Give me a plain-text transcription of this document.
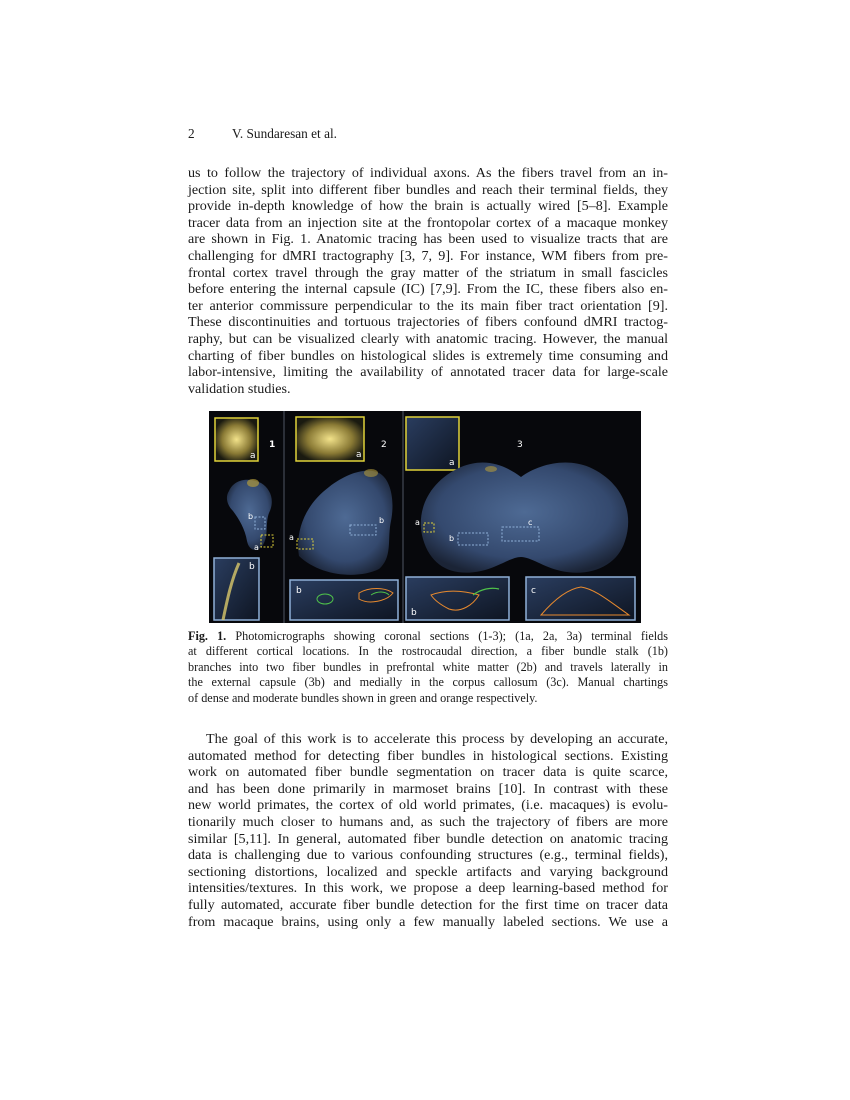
2	V. Sundaresan et al.
us to follow the trajectory of individual axons. As the fibers travel from an in-
jection site, split into different fiber bundles and reach their terminal fields, they
provide in-depth knowledge of how the brain is actually wired [5–8]. Example
tracer data from an injection site at the frontopolar cortex of a macaque monkey
are shown in Fig. 1. Anatomic tracing has been used to visualize tracts that are
challenging for dMRI tractography [3, 7, 9]. For instance, WM fibers from pre-
frontal cortex travel through the gray matter of the striatum in small fascicles
before entering the internal capsule (IC) [7,9]. From the IC, these fibers also en-
ter anterior commissure perpendicular to the its main fiber tract orientation [9].
These discontinuities and tortuous trajectories of fibers confound dMRI tractog-
raphy, but can be visualized clearly with anatomic tracing. However, the manual
charting of fiber bundles on histological slides is extremely time consuming and
labor-intensive, limiting the availability of annotated tracer data for large-scale
validation studies.
a
1
b
a
b
a
2
a
b
b
a
3
a
b
c
b
c
Fig. 1. Photomicrographs showing coronal sections (1-3); (1a, 2a, 3a) terminal fields
at different cortical locations. In the rostrocaudal direction, a fiber bundle stalk (1b)
branches into two fiber bundles in prefrontal white matter (2b) and travels laterally in
the external capsule (3b) and medially in the corpus callosum (3c). Manual chartings
of dense and moderate bundles shown in green and orange respectively.
The goal of this work is to accelerate this process by developing an accurate,
automated method for detecting fiber bundles in histological sections. Existing
work on automated fiber bundle segmentation on tracer data is quite scarce,
and has been done primarily in marmoset brains [10]. In contrast with these
new world primates, the cortex of old world primates, (i.e. macaques) is evolu-
tionarily much closer to humans and, as such the trajectory of fibers are more
similar [5,11]. In general, automated fiber bundle detection on anatomic tracing
data is challenging due to various confounding structures (e.g., terminal fields),
sectioning distortions, localized and speckle artifacts and varying background
intensities/textures. In this work, we propose a deep learning-based method for
fully automated, accurate fiber bundle detection for the first time on tracer data
from macaque brains, using only a few manually labeled sections. We use a
